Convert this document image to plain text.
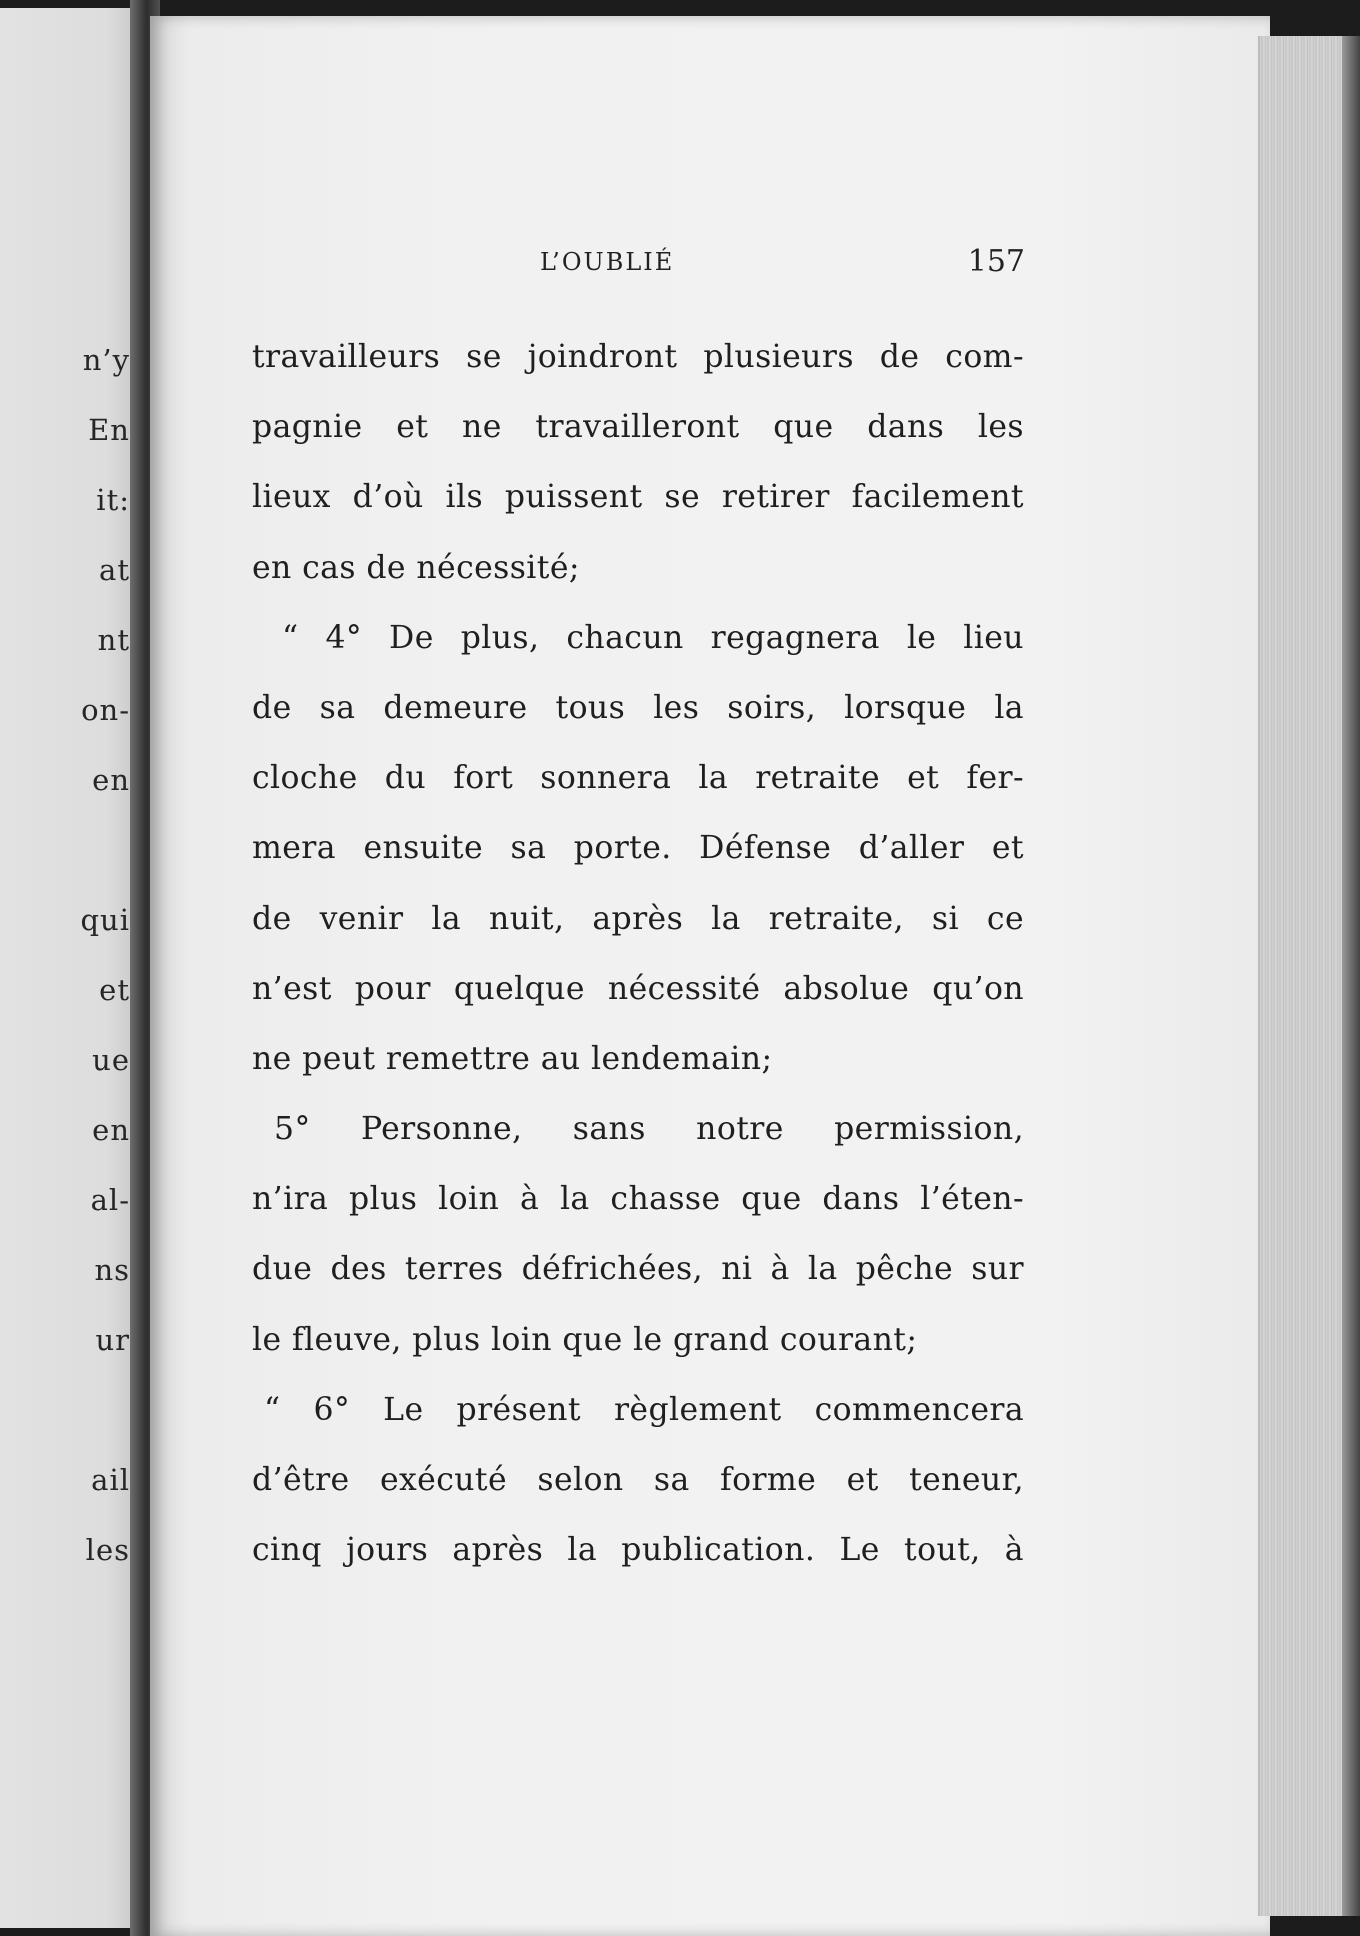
n’y
En
it:
at
nt
on-
en
qui
et
ue
en
al-
ns
ur
ail
les
L’OUBLIÉ	157
travailleurs se joindront plusieurs de com-
pagnie et ne travailleront que dans les
lieux d’où ils puissent se retirer facilement
en cas de nécessité;
“ 4° De plus, chacun regagnera le lieu
de sa demeure tous les soirs, lorsque la
cloche du fort sonnera la retraite et fer-
mera ensuite sa porte. Défense d’aller et
de venir la nuit, après la retraite, si ce
n’est pour quelque nécessité absolue qu’on
ne peut remettre au lendemain;
5° Personne, sans notre permission,
n’ira plus loin à la chasse que dans l’éten-
due des terres défrichées, ni à la pêche sur
le fleuve, plus loin que le grand courant;
“ 6° Le présent règlement commencera
d’être exécuté selon sa forme et teneur,
cinq jours après la publication. Le tout, à
